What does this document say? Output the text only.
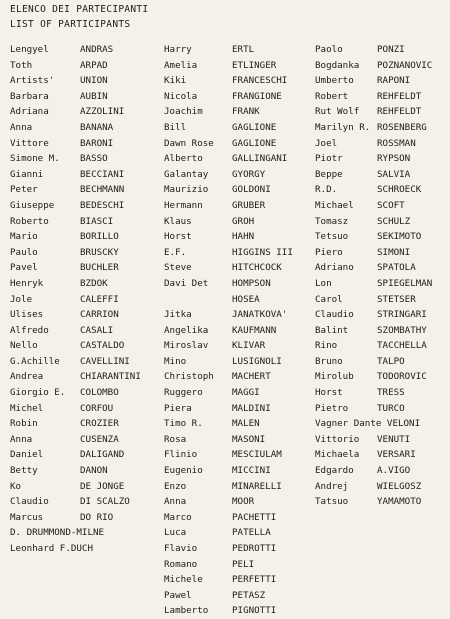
ELENCO DEI PARTECIPANTI
LIST OF PARTICIPANTS
Lengyel	ANDRAS
Toth	ARPAD
Artists'	UNION
Barbara	AUBIN
Adriana	AZZOLINI
Anna	BANANA
Vittore	BARONI
Simone M. BASSO
Gianni	BECCIANI
Peter	BECHMANN
Giuseppe	BEDESCHI
Roberto	BIASCI
Mario	BORILLO
Paulo	BRUSCKY
Pavel	BUCHLER
Henryk	BZDOK
Jole	CALEFFI
Ulises	CARRION
Alfredo	CASALI
Nello	CASTALDO
G.Achille CAVELLINI
Andrea	CHIARANTINI
Giorgio E. COLOMBO
Michel	CORFOU
Robin	CROZIER
Anna	CUSENZA
Daniel	DALIGAND
Betty	DANON
Ko	DE JONGE
Claudio	DI SCALZO
Marcus	DO RIO
D. DRUMMOND-MILNE
Leonhard F.DUCH
Harry	ERTL
Amelia	ETLINGER
Kiki	FRANCESCHI
Nicola	FRANGIONE
Joachim	FRANK
Bill	GAGLIONE
Dawn Rose GAGLIONE
Alberto	GALLINGANI
Galantay	GYORGY
Maurizio	GOLDONI
Hermann	GRUBER
Klaus	GROH
Horst	HAHN
E.F.	HIGGINS III
Steve	HITCHCOCK
Davi Det	HOMPSON
HOSEA
Jitka	JANATKOVA'
Angelika	KAUFMANN
Miroslav	KLIVAR
Mino	LUSIGNOLI
Christoph MACHERT
Ruggero	MAGGI
Piera	MALDINI
Timo R.	MALEN
Rosa	MASONI
Flinio	MESCIULAM
Eugenio	MICCINI
Enzo	MINARELLI
Anna	MOOR
Marco	PACHETTI
Luca	PATELLA
Flavio	PEDROTTI
Romano	PELI
Michele	PERFETTI
Pawel	PETASZ
Lamberto	PIGNOTTI
Paolo	PONZI
Bogdanka POZNANOVIC
Umberto	RAPONI
Robert	REHFELDT
Rut Wolf REHFELDT
Marilyn R. ROSENBERG
Joel	ROSSMAN
Piotr	RYPSON
Beppe	SALVIA
R.D.	SCHROECK
Michael	SCOFT
Tomasz	SCHULZ
Tetsuo	SEKIMOTO
Piero	SIMONI
Adriano	SPATOLA
Lon	SPIEGELMAN
Carol	STETSER
Claudio	STRINGARI
Balint	SZOMBATHY
Rino	TACCHELLA
Bruno	TALPO
Mirolub	TODOROVIC
Horst	TRESS
Pietro	TURCO
Vagner Dante VELONI
Vittorio VENUTI
Michaela VERSARI
Edgardo	A.VIGO
Andrej	WIELGOSZ
Tatsuo	YAMAMOTO
